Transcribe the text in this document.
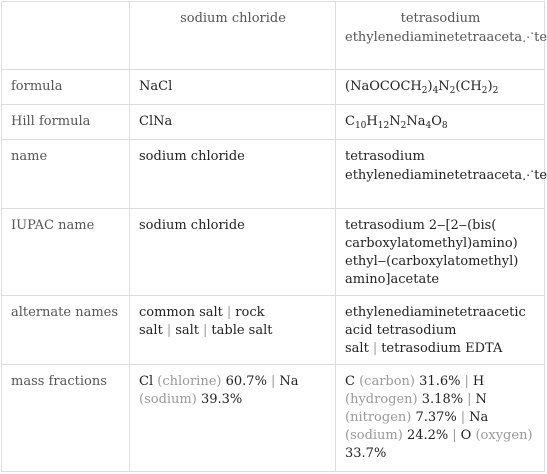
	sodium chloride	tetrasodium ethylenediaminetetraaceta⋰te
formula	NaCl	$(NaOCOCH_2)_4N_2(CH_2)_2$
Hill formula	ClNa	$C_{10}H_{12}N_2Na_4O_8$
name	sodium chloride	tetrasodium ethylenediaminetetraaceta⋰te
IUPAC name	sodium chloride	tetrasodium 2‒[2‒(bis(
carboxylatomethyl)amino)
ethyl‒(carboxylatomethyl)
amino]acetate
alternate names	common salt | rock salt | salt | table salt	ethylenediaminetetraacetic acid tetrasodium salt | tetrasodium EDTA
mass fractions	Cl (chlorine) 60.7% | Na (sodium) 39.3%	C (carbon) 31.6% | H (hydrogen) 3.18% | N (nitrogen) 7.37% | Na (sodium) 24.2% | O (oxygen) 33.7%
